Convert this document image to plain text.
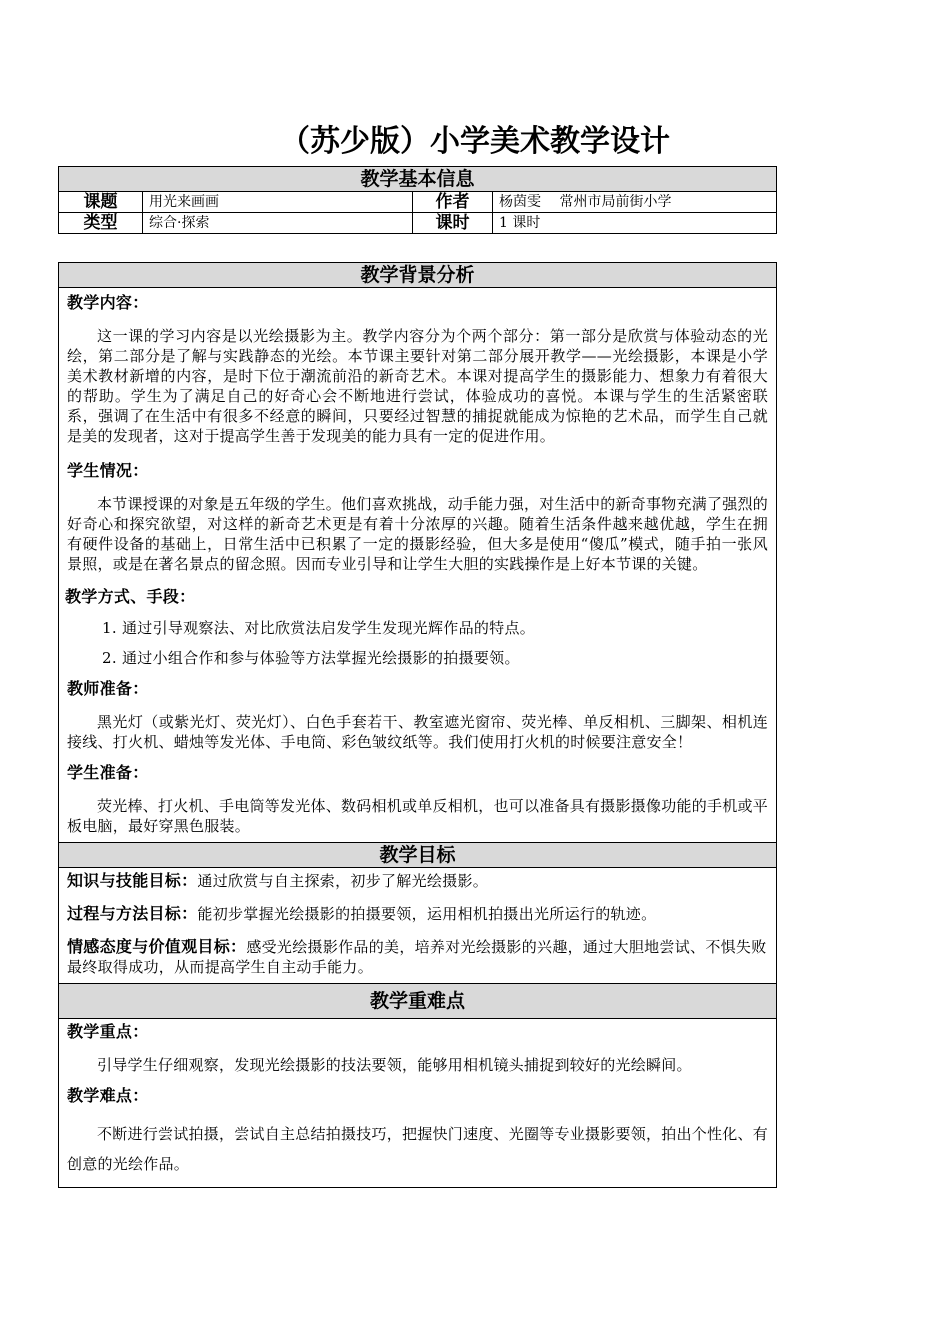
（苏少版）小学美术教学设计
教学基本信息			
课题	用光来画画	作者	杨茵雯　 常州市局前街小学
类型	综合·探索	课时	1 课时
教学背景分析

教学内容：
这一课的学习内容是以光绘摄影为主。教学内容分为个两个部分：第一部分是欣赏与体验动态的光绘，第二部分是了解与实践静态的光绘。本节课主要针对第二部分展开教学——光绘摄影，本课是小学美术教材新增的内容，是时下位于潮流前沿的新奇艺术。本课对提高学生的摄影能力、想象力有着很大的帮助。学生为了满足自己的好奇心会不断地进行尝试，体验成功的喜悦。本课与学生的生活紧密联系，强调了在生活中有很多不经意的瞬间，只要经过智慧的捕捉就能成为惊艳的艺术品，而学生自己就是美的发现者，这对于提高学生善于发现美的能力具有一定的促进作用。
学生情况：
本节课授课的对象是五年级的学生。他们喜欢挑战，动手能力强，对生活中的新奇事物充满了强烈的好奇心和探究欲望，对这样的新奇艺术更是有着十分浓厚的兴趣。随着生活条件越来越优越，学生在拥有硬件设备的基础上，日常生活中已积累了一定的摄影经验，但大多是使用“傻瓜”模式，随手拍一张风景照，或是在著名景点的留念照。因而专业引导和让学生大胆的实践操作是上好本节课的关键。
教学方式、手段：
1. 通过引导观察法、对比欣赏法启发学生发现光辉作品的特点。
2. 通过小组合作和参与体验等方法掌握光绘摄影的拍摄要领。
教师准备：
黑光灯（或紫光灯、荧光灯）、白色手套若干、教室遮光窗帘、荧光棒、单反相机、三脚架、相机连接线、打火机、蜡烛等发光体、手电筒、彩色皱纹纸等。我们使用打火机的时候要注意安全！
学生准备：
荧光棒、打火机、手电筒等发光体、数码相机或单反相机，也可以准备具有摄影摄像功能的手机或平板电脑，最好穿黑色服装。

教学目标

知识与技能目标：通过欣赏与自主探索，初步了解光绘摄影。
过程与方法目标：能初步掌握光绘摄影的拍摄要领，运用相机拍摄出光所运行的轨迹。
情感态度与价值观目标：感受光绘摄影作品的美，培养对光绘摄影的兴趣，通过大胆地尝试、不惧失败最终取得成功，从而提高学生自主动手能力。

教学重难点

教学重点：
引导学生仔细观察，发现光绘摄影的技法要领，能够用相机镜头捕捉到较好的光绘瞬间。
教学难点：
不断进行尝试拍摄，尝试自主总结拍摄技巧，把握快门速度、光圈等专业摄影要领，拍出个性化、有创意的光绘作品。
